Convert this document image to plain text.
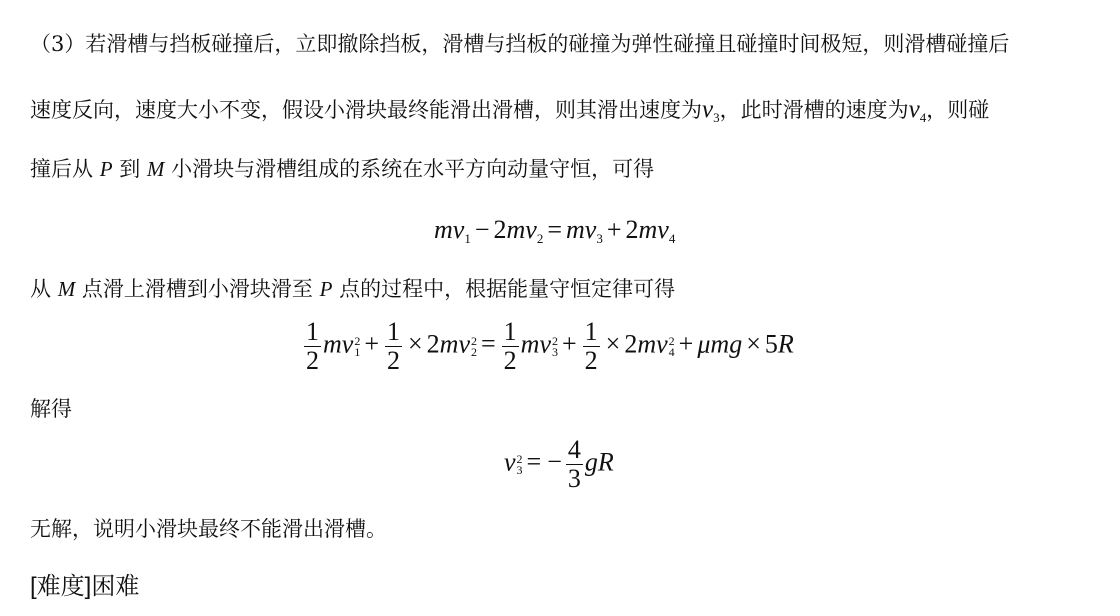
（3）若滑槽与挡板碰撞后，立即撤除挡板，滑槽与挡板的碰撞为弹性碰撞且碰撞时间极短，则滑槽碰撞后
速度反向，速度大小不变，假设小滑块最终能滑出滑槽，则其滑出速度为$v_3$，此时滑槽的速度为$v_4$，则碰
撞后从 P 到 M 小滑块与滑槽组成的系统在水平方向动量守恒，可得
$mv_1 - 2mv_2 = mv_3 + 2mv_4$
从 M 点滑上滑槽到小滑块滑至 P 点的过程中，根据能量守恒定律可得
$\frac{1}{2}$ mv 2
$1 + \frac{1}{2} \times 2mv$ 2
$2 = \frac{1}{2}$ mv 2
$3 + \frac{1}{2} \times 2mv$ 2
4 + μmg × 5R
解得
v 2
3 = − $\frac{4}{3}$ gR
无解，说明小滑块最终不能滑出滑槽。
[难度]困难
